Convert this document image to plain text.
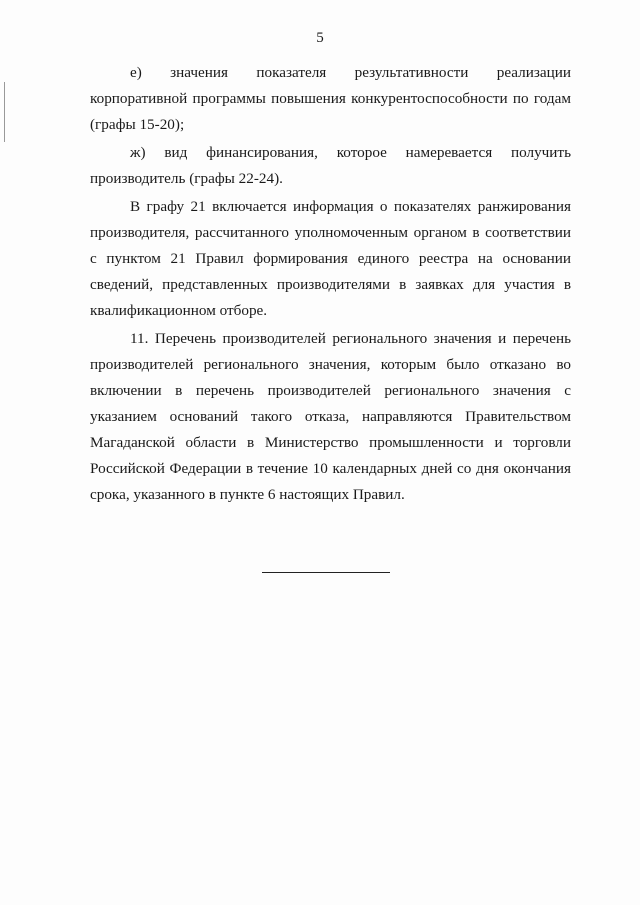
5
е) значения показателя результативности реализации
корпоративной программы повышения конкурентоспособности по годам
(графы 15-20);
ж) вид финансирования, которое намеревается получить
производитель (графы 22-24).
В графу 21 включается информация о показателях ранжирования
производителя, рассчитанного уполномоченным органом в соответствии
с пунктом 21 Правил формирования единого реестра на основании
сведений, представленных производителями в заявках для участия в
квалификационном отборе.
11. Перечень производителей регионального значения и перечень
производителей регионального значения, которым было отказано во
включении в перечень производителей регионального значения с
указанием оснований такого отказа, направляются Правительством
Магаданской области в Министерство промышленности и торговли
Российской Федерации в течение 10 календарных дней со дня окончания
срока, указанного в пункте 6 настоящих Правил.
